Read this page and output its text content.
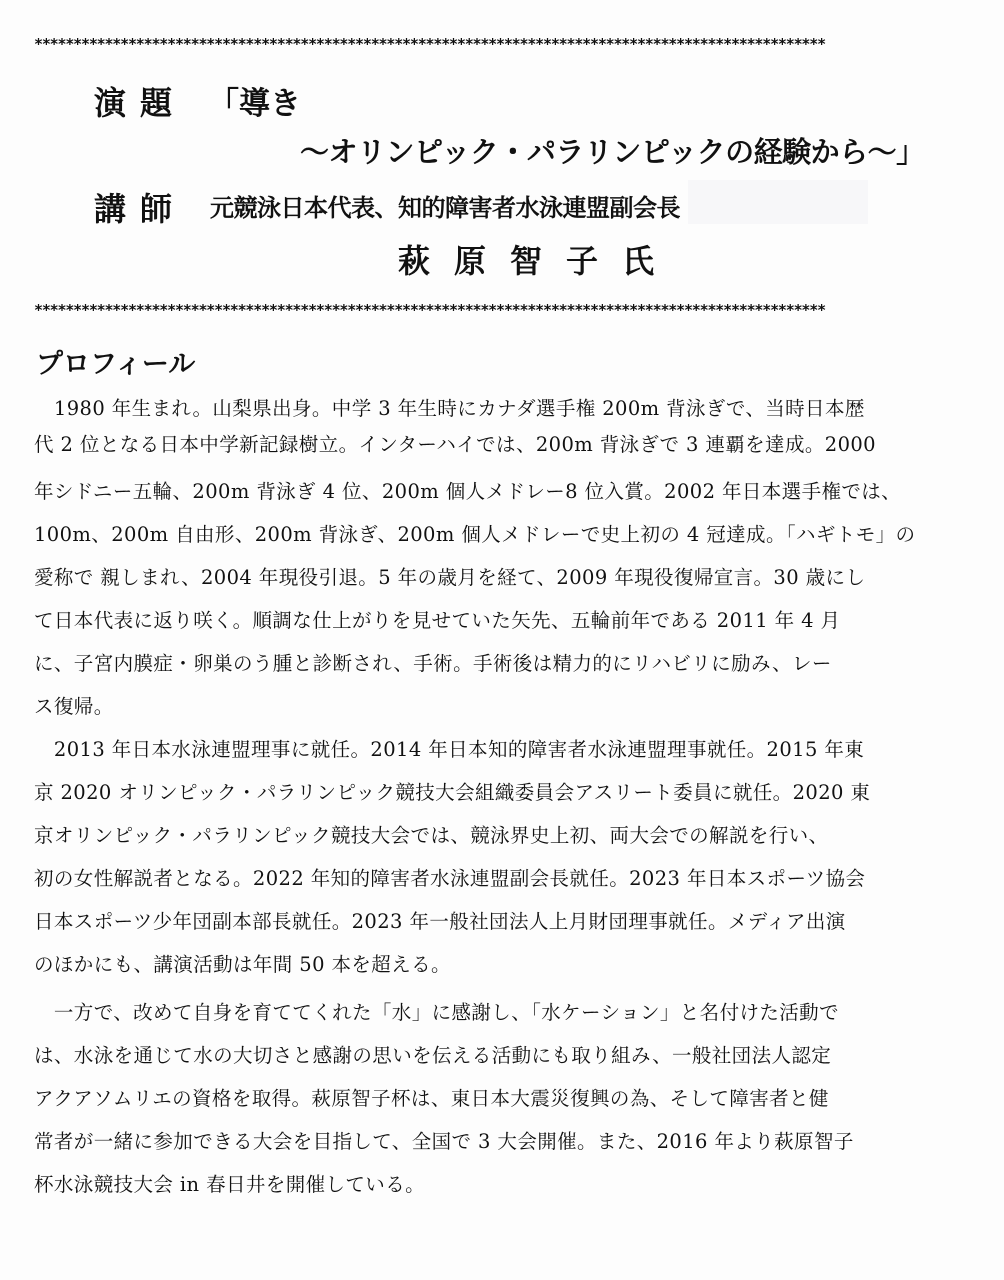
*****************************************************************************************************
演題 「導き
～オリンピック・パラリンピックの経験から～」
講師 元競泳日本代表、知的障害者水泳連盟副会長
萩原智子氏
*****************************************************************************************************
プロフィール
　1980 年生まれ。山梨県出身。中学 3 年生時にカナダ選手権 200m 背泳ぎで、当時日本歴
代 2 位となる日本中学新記録樹立。インターハイでは、200m 背泳ぎで 3 連覇を達成。2000
年シドニー五輪、200m 背泳ぎ 4 位、200m 個人メドレー8 位入賞。2002 年日本選手権では、
100m、200m 自由形、200m 背泳ぎ、200m 個人メドレーで史上初の 4 冠達成。「ハギトモ」の
愛称で 親しまれ、2004 年現役引退。5 年の歳月を経て、2009 年現役復帰宣言。30 歳にし
て日本代表に返り咲く。順調な仕上がりを見せていた矢先、五輪前年である 2011 年 4 月
に、子宮内膜症・卵巣のう腫と診断され、手術。手術後は精力的にリハビリに励み、レー
ス復帰。
　2013 年日本水泳連盟理事に就任。2014 年日本知的障害者水泳連盟理事就任。2015 年東
京 2020 オリンピック・パラリンピック競技大会組織委員会アスリート委員に就任。2020 東
京オリンピック・パラリンピック競技大会では、競泳界史上初、両大会での解説を行い、
初の女性解説者となる。2022 年知的障害者水泳連盟副会長就任。2023 年日本スポーツ協会
日本スポーツ少年団副本部長就任。2023 年一般社団法人上月財団理事就任。メディア出演
のほかにも、講演活動は年間 50 本を超える。
　一方で、改めて自身を育ててくれた「水」に感謝し、「水ケーション」と名付けた活動で
は、水泳を通じて水の大切さと感謝の思いを伝える活動にも取り組み、一般社団法人認定
アクアソムリエの資格を取得。萩原智子杯は、東日本大震災復興の為、そして障害者と健
常者が一緒に参加できる大会を目指して、全国で 3 大会開催。また、2016 年より萩原智子
杯水泳競技大会 in 春日井を開催している。
